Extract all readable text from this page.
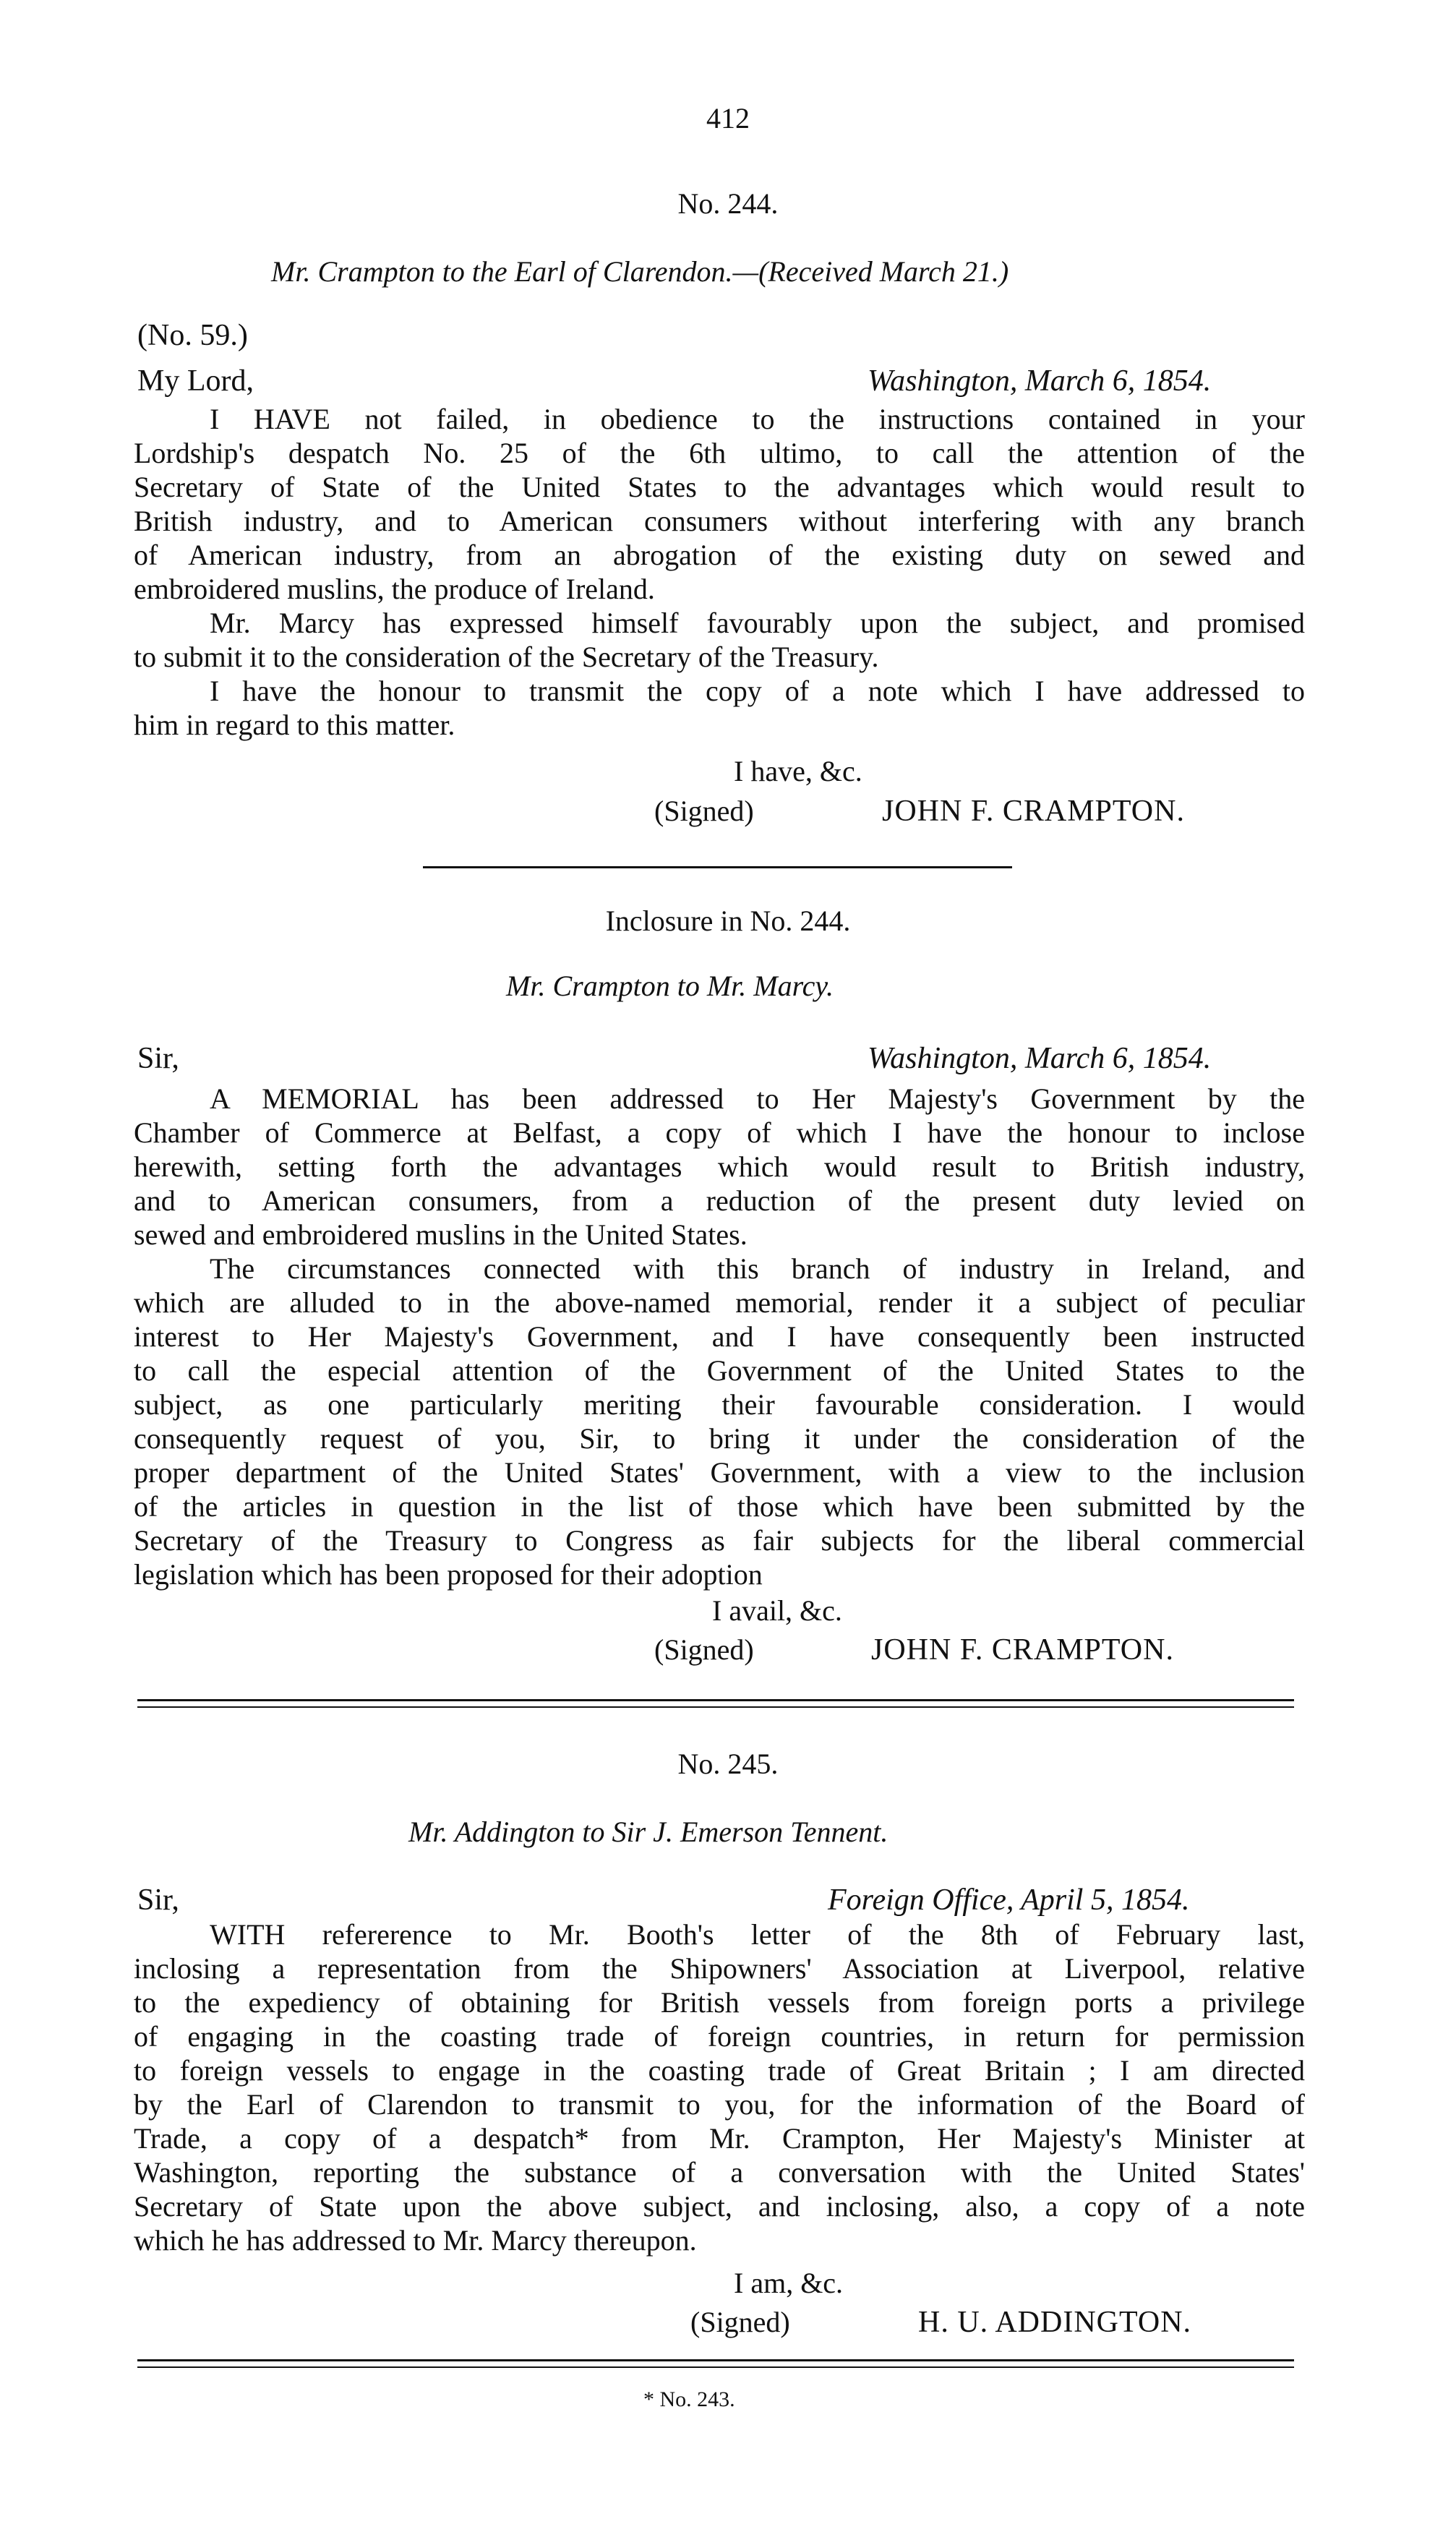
412
No. 244.
Mr. Crampton to the Earl of Clarendon.—(Received March 21.)
(No. 59.)
My Lord,	Washington, March 6, 1854.
I HAVE not failed, in obedience to the instructions contained in your
Lordship's despatch No. 25 of the 6th ultimo, to call the attention of the
Secretary of State of the United States to the advantages which would result to
British industry, and to American consumers without interfering with any branch
of American industry, from an abrogation of the existing duty on sewed and
embroidered muslins, the produce of Ireland.
Mr. Marcy has expressed himself favourably upon the subject, and promised
to submit it to the consideration of the Secretary of the Treasury.
I have the honour to transmit the copy of a note which I have addressed to
him in regard to this matter.
I have, &c.
(Signed)	JOHN F. CRAMPTON.
Inclosure in No. 244.
Mr. Crampton to Mr. Marcy.
Sir,	Washington, March 6, 1854.
A MEMORIAL has been addressed to Her Majesty's Government by the
Chamber of Commerce at Belfast, a copy of which I have the honour to inclose
herewith, setting forth the advantages which would result to British industry,
and to American consumers, from a reduction of the present duty levied on
sewed and embroidered muslins in the United States.
The circumstances connected with this branch of industry in Ireland, and
which are alluded to in the above-named memorial, render it a subject of peculiar
interest to Her Majesty's Government, and I have consequently been instructed
to call the especial attention of the Government of the United States to the
subject, as one particularly meriting their favourable consideration. I would
consequently request of you, Sir, to bring it under the consideration of the
proper department of the United States' Government, with a view to the inclusion
of the articles in question in the list of those which have been submitted by the
Secretary of the Treasury to Congress as fair subjects for the liberal commercial
legislation which has been proposed for their adoption
I avail, &c.
(Signed)	JOHN F. CRAMPTON.
No. 245.
Mr. Addington to Sir J. Emerson Tennent.
Sir,	Foreign Office, April 5, 1854.
WITH refererence to Mr. Booth's letter of the 8th of February last,
inclosing a representation from the Shipowners' Association at Liverpool, relative
to the expediency of obtaining for British vessels from foreign ports a privilege
of engaging in the coasting trade of foreign countries, in return for permission
to foreign vessels to engage in the coasting trade of Great Britain ; I am directed
by the Earl of Clarendon to transmit to you, for the information of the Board of
Trade, a copy of a despatch* from Mr. Crampton, Her Majesty's Minister at
Washington, reporting the substance of a conversation with the United States'
Secretary of State upon the above subject, and inclosing, also, a copy of a note
which he has addressed to Mr. Marcy thereupon.
I am, &c.
(Signed)	H. U. ADDINGTON.
* No. 243.
